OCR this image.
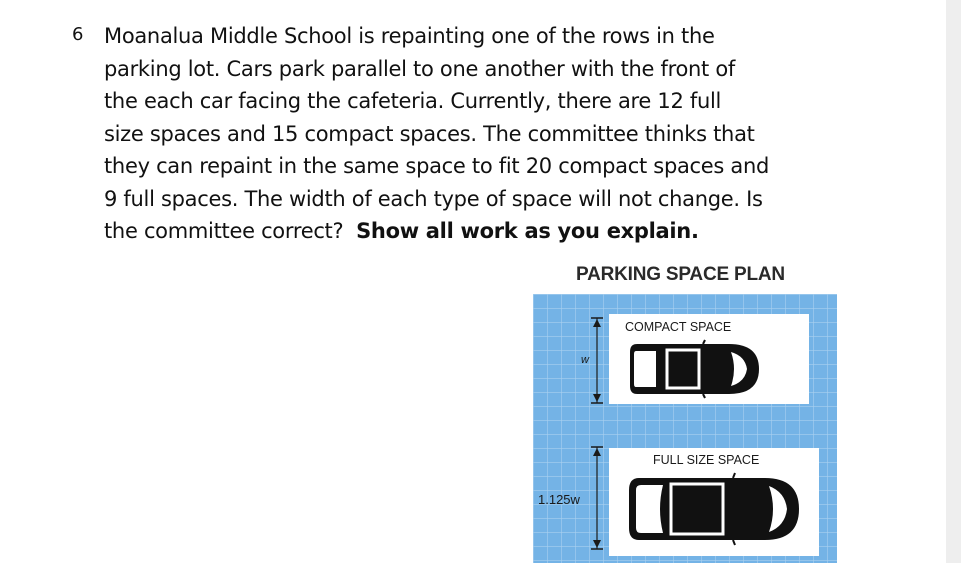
6 Moanalua Middle School is repainting one of the rows in the
parking lot. Cars park parallel to one another with the front of
the each car facing the cafeteria. Currently, there are 12 full
size spaces and 15 compact spaces. The committee thinks that
they can repaint in the same space to fit 20 compact spaces and
9 full spaces. The width of each type of space will not change. Is
the committee correct?  Show all work as you explain.
PARKING SPACE PLAN
COMPACT SPACE
w
FULL SIZE SPACE
1.125w
